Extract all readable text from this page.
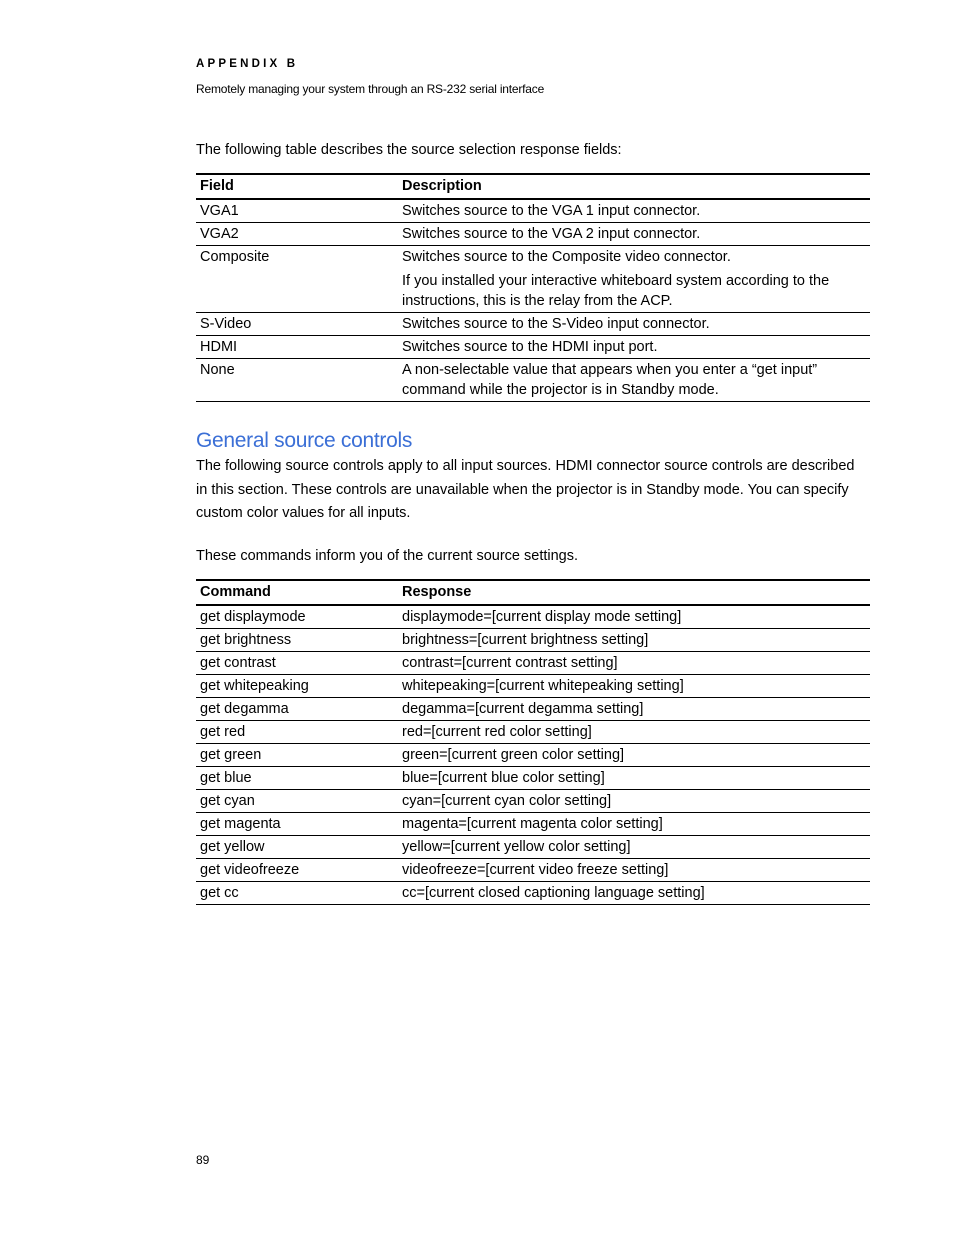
APPENDIX B
Remotely managing your system through an RS-232 serial interface

The following table describes the source selection response fields:

Field	Description
VGA1	Switches source to the VGA 1 input connector.
VGA2	Switches source to the VGA 2 input connector.
Composite	Switches source to the Composite video connector.

If you installed your interactive whiteboard system according to the instructions, this is the relay from the ACP.

S-Video	Switches source to the S-Video input connector.
HDMI	Switches source to the HDMI input port.
None	A non-selectable value that appears when you enter a “get input” command while the projector is in Standby mode.

General source controls

The following source controls apply to all input sources. HDMI connector source controls are described in this section. These controls are unavailable when the projector is in Standby mode. You can specify custom color values for all inputs.

These commands inform you of the current source settings.

Command	Response
get displaymode	displaymode=[current display mode setting]
get brightness	brightness=[current brightness setting]
get contrast	contrast=[current contrast setting]
get whitepeaking	whitepeaking=[current whitepeaking setting]
get degamma	degamma=[current degamma setting]
get red	red=[current red color setting]
get green	green=[current green color setting]
get blue	blue=[current blue color setting]
get cyan	cyan=[current cyan color setting]
get magenta	magenta=[current magenta color setting]
get yellow	yellow=[current yellow color setting]
get videofreeze	videofreeze=[current video freeze setting]
get cc	cc=[current closed captioning language setting]
89
